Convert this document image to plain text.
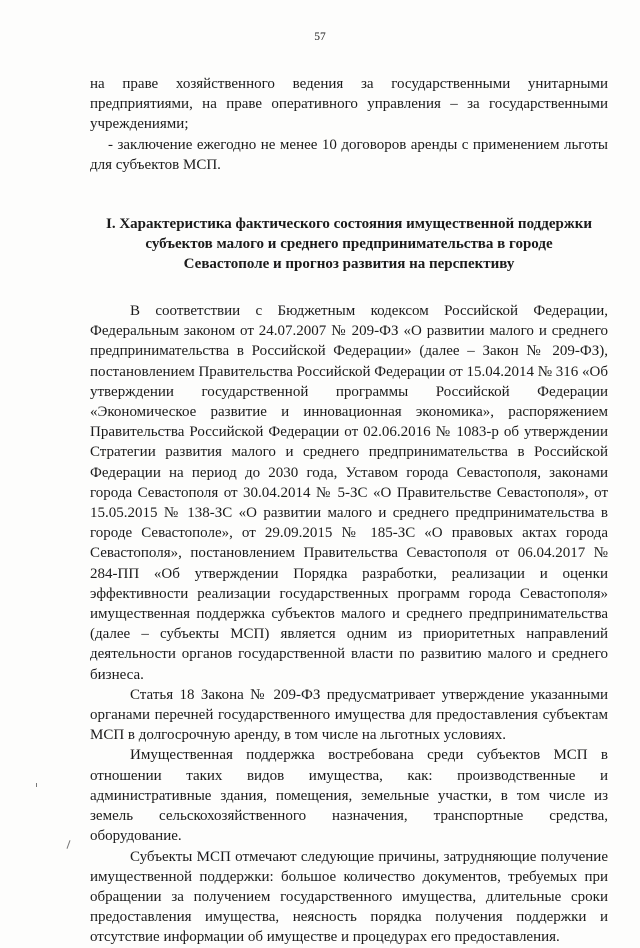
57

на праве хозяйственного ведения за государственными унитарными предприятиями, на праве оперативного управления – за государственными учреждениями;

- заключение ежегодно не менее 10 договоров аренды с применением льготы для субъектов МСП.

I. Характеристика фактического состояния имущественной поддержки субъектов малого и среднего предпринимательства в городе Севастополе и прогноз развития на перспективу

В соответствии с Бюджетным кодексом Российской Федерации, Федеральным законом от 24.07.2007 № 209-ФЗ «О развитии малого и среднего предпринимательства в Российской Федерации» (далее – Закон № 209-ФЗ), постановлением Правительства Российской Федерации от 15.04.2014 № 316 «Об утверждении государственной программы Российской Федерации «Экономическое развитие и инновационная экономика», распоряжением Правительства Российской Федерации от 02.06.2016 № 1083-р об утверждении Стратегии развития малого и среднего предпринимательства в Российской Федерации на период до 2030 года, Уставом города Севастополя, законами города Севастополя от 30.04.2014 № 5-ЗС «О Правительстве Севастополя», от 15.05.2015 № 138-ЗС «О развитии малого и среднего предпринимательства в городе Севастополе», от 29.09.2015 № 185-ЗС «О правовых актах города Севастополя», постановлением Правительства Севастополя от 06.04.2017 № 284-ПП «Об утверждении Порядка разработки, реализации и оценки эффективности реализации государственных программ города Севастополя» имущественная поддержка субъектов малого и среднего предпринимательства (далее – субъекты МСП) является одним из приоритетных направлений деятельности органов государственной власти по развитию малого и среднего бизнеса.

Статья 18 Закона № 209-ФЗ предусматривает утверждение указанными органами перечней государственного имущества для предоставления субъектам МСП в долгосрочную аренду, в том числе на льготных условиях.

Имущественная поддержка востребована среди субъектов МСП в отношении таких видов имущества, как: производственные и административные здания, помещения, земельные участки, в том числе из земель сельскохозяйственного назначения, транспортные средства, оборудование.

Субъекты МСП отмечают следующие причины, затрудняющие получение имущественной поддержки: большое количество документов, требуемых при обращении за получением государственного имущества, длительные сроки предоставления имущества, неясность порядка получения поддержки и отсутствие информации об имуществе и процедурах его предоставления.
